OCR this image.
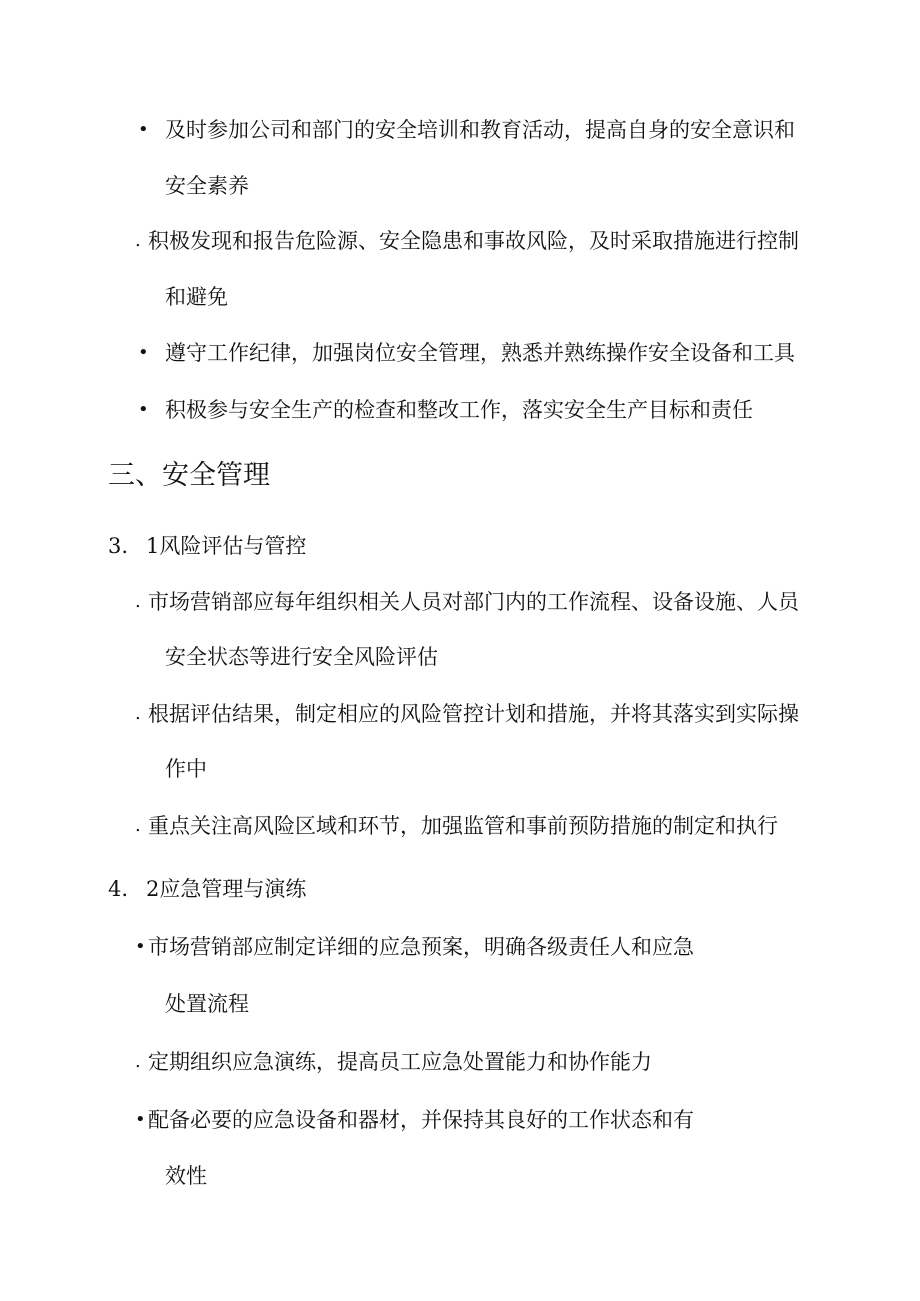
• 及时参加公司和部门的安全培训和教育活动，提高自身的安全意识和
安全素养
. 积极发现和报告危险源、安全隐患和事故风险，及时采取措施进行控制
和避免
• 遵守工作纪律，加强岗位安全管理，熟悉并熟练操作安全设备和工具
• 积极参与安全生产的检查和整改工作，落实安全生产目标和责任
三、安全管理
3. 1风险评估与管控
. 市场营销部应每年组织相关人员对部门内的工作流程、设备设施、人员
安全状态等进行安全风险评估
. 根据评估结果，制定相应的风险管控计划和措施，并将其落实到实际操
作中
. 重点关注高风险区域和环节，加强监管和事前预防措施的制定和执行
4. 2应急管理与演练
• 市场营销部应制定详细的应急预案，明确各级责任人和应急
处置流程
. 定期组织应急演练，提高员工应急处置能力和协作能力
• 配备必要的应急设备和器材，并保持其良好的工作状态和有
效性
